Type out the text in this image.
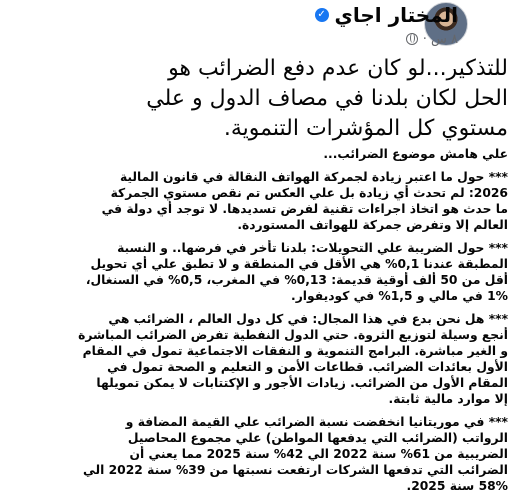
المختار اجاي
✓
٨ س ·
للتذكير...لو كان عدم دفع الضرائب هو
الحل لكان بلدنا في مصاف الدول و علي
مستوي كل المؤشرات التنموية.
علي هامش موضوع الضرائب...
*** حول ما اعتبر زيادة لجمركة الهواتف النقالة في قانون المالية
2026: لم تحدث أي زيادة بل علي العكس تم نقص مستوي الجمركة
ما حدث هو اتخاذ اجراءات تقنية لفرض تسديدها. لا توجد أي دولة في
العالم إلا وتفرض جمركة للهواتف المستوردة.
*** حول الضريبة علي التحويلات: بلدنا تأخر في فرضها.. و النسبة
المطبقة عندنا 0,1% هي الأقل في المنطقة و لا تطبق علي أي تحويل
أقل من 50 ألف أوقية قديمة: 0,13% في المغرب، 0,5% في السنغال،
1% في مالي و 1,5% في كوديفوار.
*** هل نحن بدع في هذا المجال: في كل دول العالم ، الضرائب هي
أنجع وسيلة لتوزيع الثروة. حتي الدول النفطية تفرض الضرائب المباشرة
و الغير مباشرة. البرامج التنموية و النفقات الاجتماعية تمول في المقام
الأول بعائدات الضرائب. قطاعات الأمن و التعليم و الصحة تمول في
المقام الأول من الضرائب. زيادات الأجور و الإكتتابات لا يمكن تمويلها
إلا موارد مالية ثابتة.
*** في موريتانيا انخفضت نسبة الضرائب علي القيمة المضافة و
الرواتب (الضرائب التي يدفعها المواطن) علي مجموع المحاصيل
الضريبية من 61% سنة 2022 الي 42% سنة 2025 مما يعني أن
الضرائب التي تدفعها الشركات ارتفعت نسبتها من 39% سنة 2022 الي
58% سنة 2025.
